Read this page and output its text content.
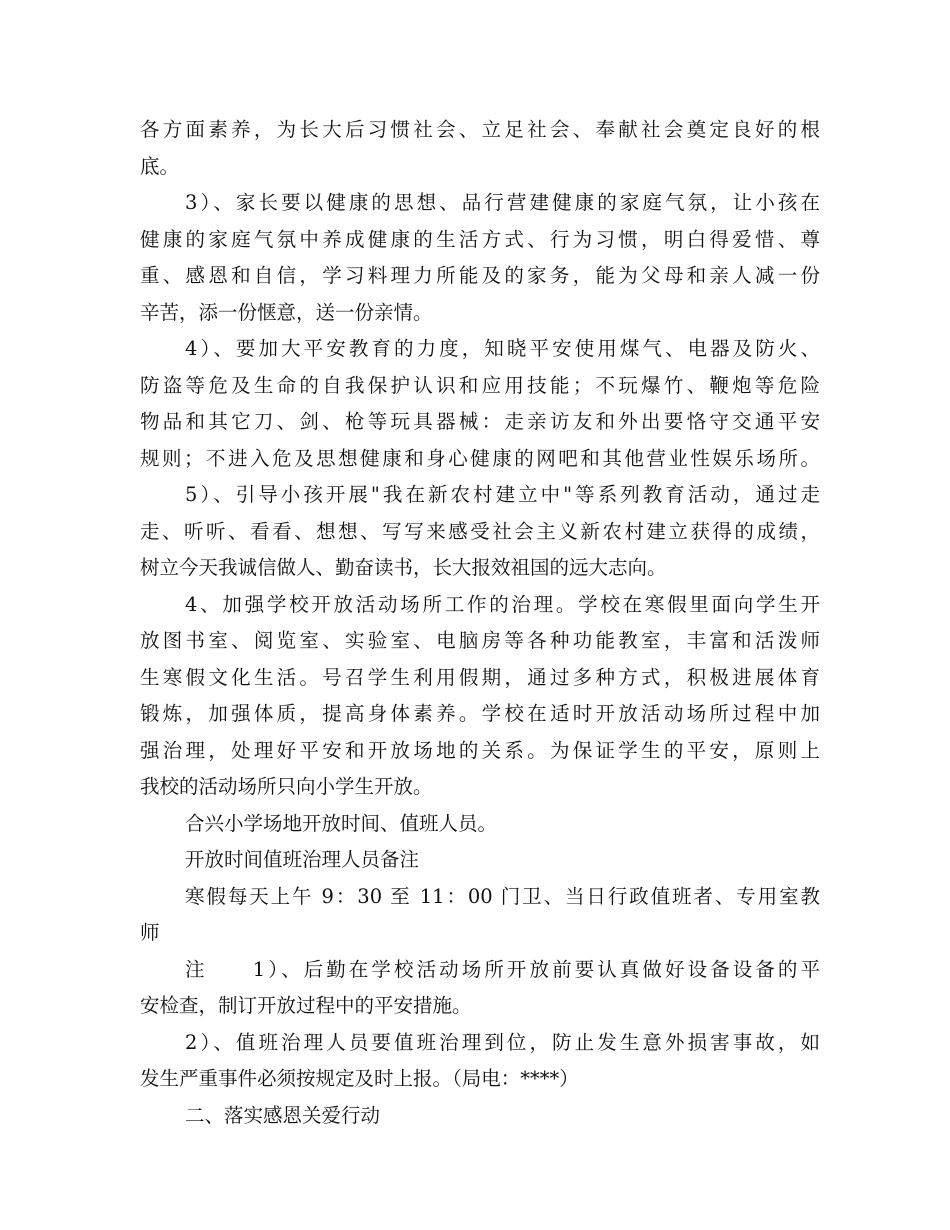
各方面素养，为长大后习惯社会、立足社会、奉献社会奠定良好的根
底。
3）、家长要以健康的思想、品行营建健康的家庭气氛，让小孩在
健康的家庭气氛中养成健康的生活方式、行为习惯，明白得爱惜、尊
重、感恩和自信，学习料理力所能及的家务，能为父母和亲人减一份
辛苦，添一份惬意，送一份亲情。
4）、要加大平安教育的力度，知晓平安使用煤气、电器及防火、
防盗等危及生命的自我保护认识和应用技能；不玩爆竹、鞭炮等危险
物品和其它刀、剑、枪等玩具器械：走亲访友和外出要恪守交通平安
规则；不进入危及思想健康和身心健康的网吧和其他营业性娱乐场所。
5）、引导小孩开展"我在新农村建立中"等系列教育活动，通过走
走、听听、看看、想想、写写来感受社会主义新农村建立获得的成绩，
树立今天我诚信做人、勤奋读书，长大报效祖国的远大志向。
4、加强学校开放活动场所工作的治理。学校在寒假里面向学生开
放图书室、阅览室、实验室、电脑房等各种功能教室，丰富和活泼师
生寒假文化生活。号召学生利用假期，通过多种方式，积极进展体育
锻炼，加强体质，提高身体素养。学校在适时开放活动场所过程中加
强治理，处理好平安和开放场地的关系。为保证学生的平安，原则上
我校的活动场所只向小学生开放。
合兴小学场地开放时间、值班人员。
开放时间值班治理人员备注
寒假每天上午 9：30 至 11：00 门卫、当日行政值班者、专用室教
师
注　　1）、后勤在学校活动场所开放前要认真做好设备设备的平
安检查，制订开放过程中的平安措施。
2）、值班治理人员要值班治理到位，防止发生意外损害事故，如
发生严重事件必须按规定及时上报。（局电：****）
二、落实感恩关爱行动
